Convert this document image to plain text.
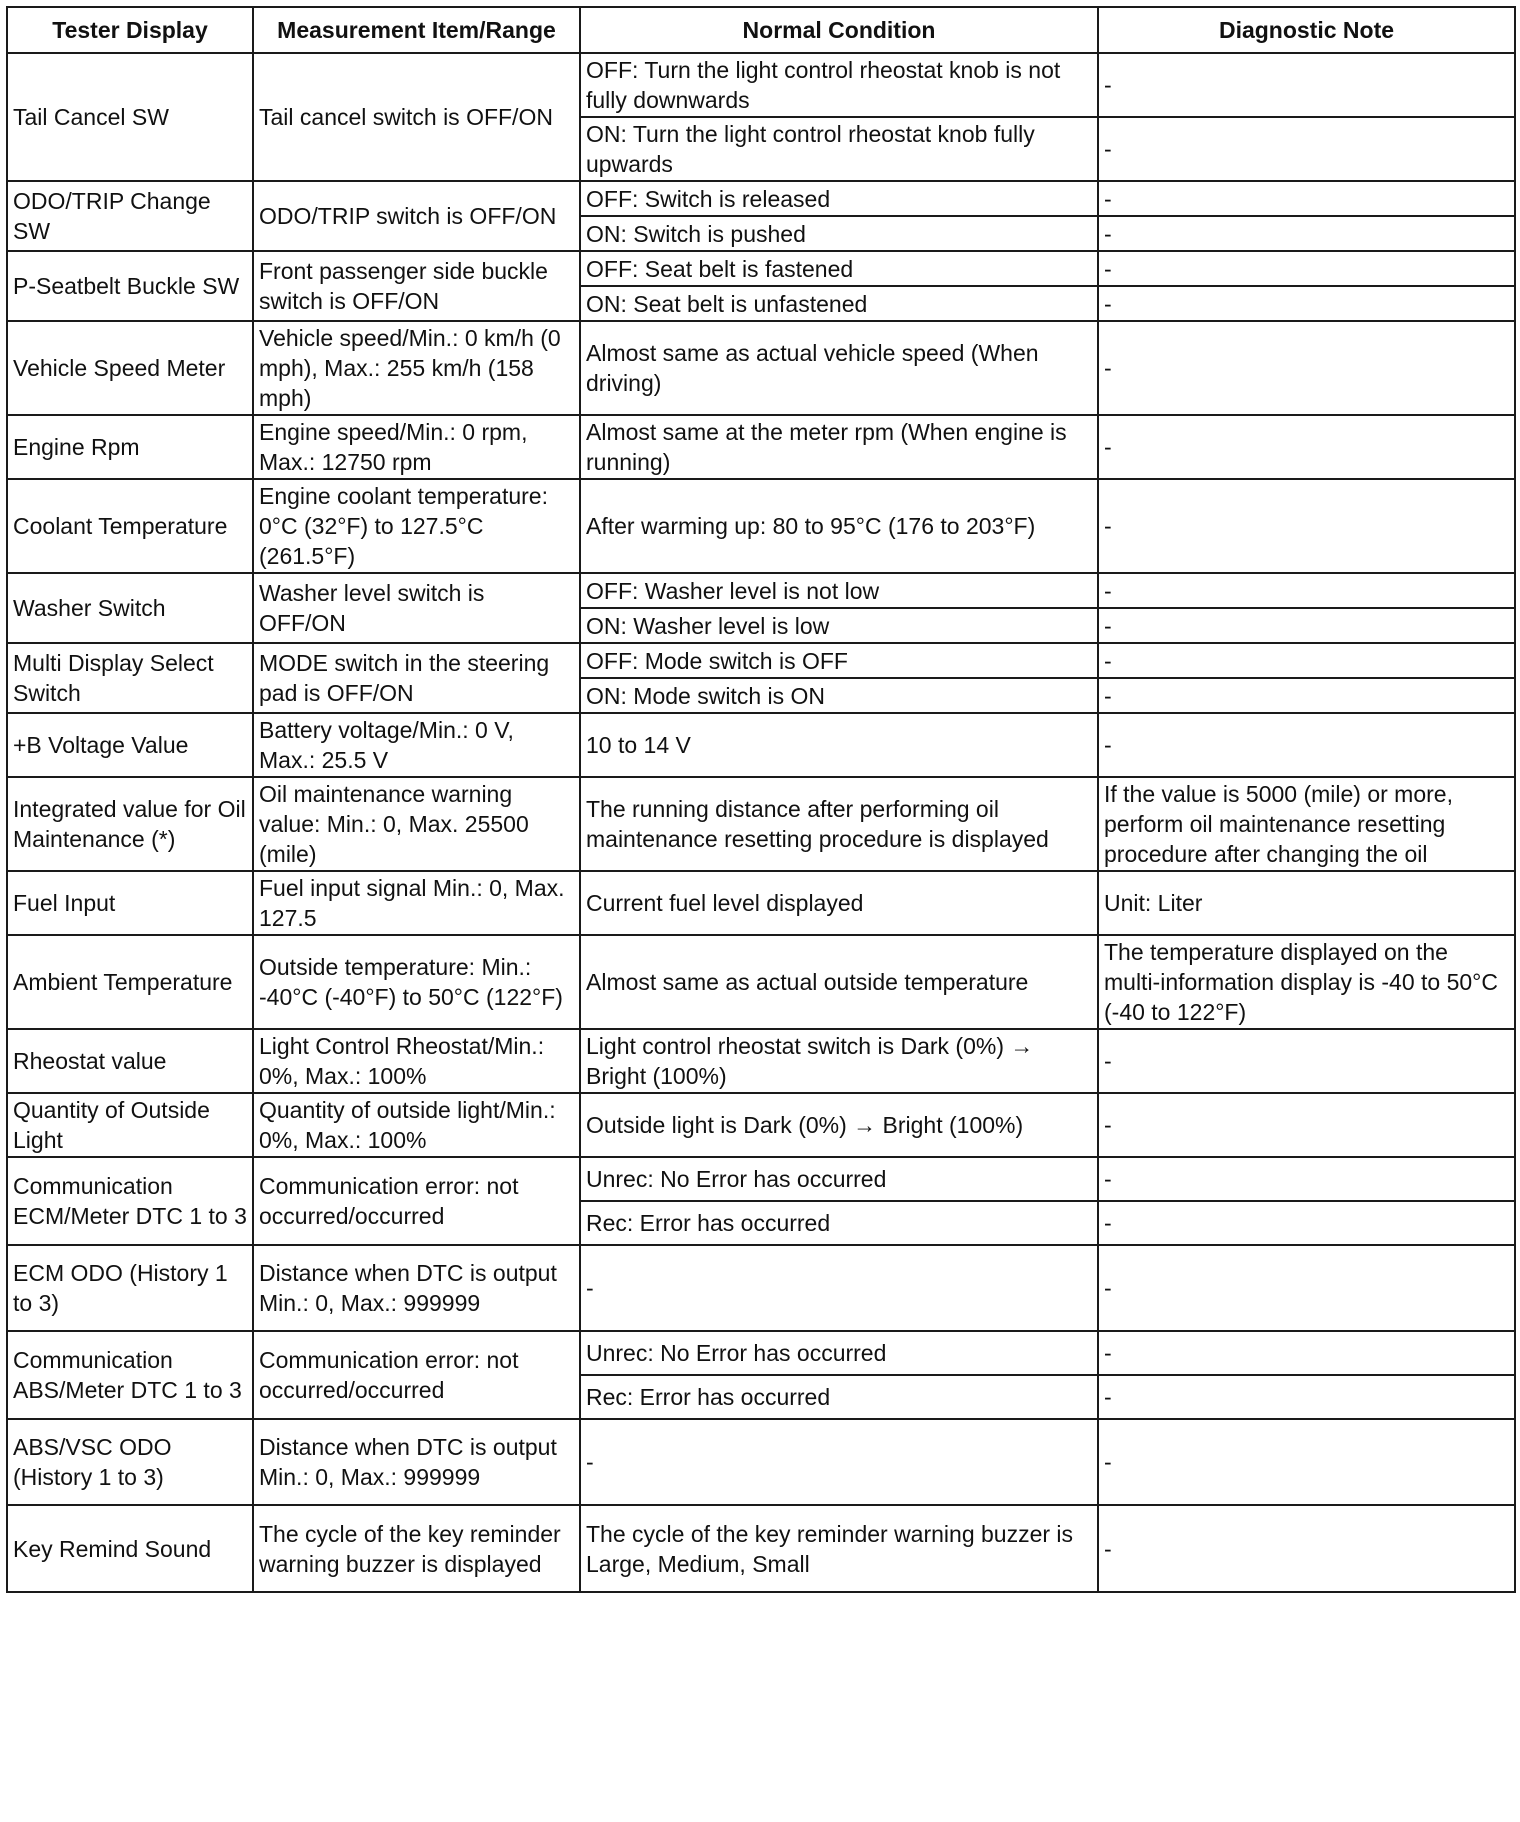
Tester Display	Measurement Item/Range	Normal Condition	Diagnostic Note
Tail Cancel SW	Tail cancel switch is OFF/ON	OFF: Turn the light control rheostat knob is not fully downwards	-
		ON: Turn the light control rheostat knob fully upwards	-
ODO/TRIP Change SW	ODO/TRIP switch is OFF/ON	OFF: Switch is released	-
		ON: Switch is pushed	-
P-Seatbelt Buckle SW	Front passenger side buckle switch is OFF/ON	OFF: Seat belt is fastened	-
		ON: Seat belt is unfastened	-
Vehicle Speed Meter	Vehicle speed/Min.: 0 km/h (0 mph), Max.: 255 km/h (158 mph)	Almost same as actual vehicle speed (When driving)	-
Engine Rpm	Engine speed/Min.: 0 rpm, Max.: 12750 rpm	Almost same at the meter rpm (When engine is running)	-
Coolant Temperature	Engine coolant temperature: 0°C (32°F) to 127.5°C (261.5°F)	After warming up: 80 to 95°C (176 to 203°F)	-
Washer Switch	Washer level switch is OFF/ON	OFF: Washer level is not low	-
		ON: Washer level is low	-
Multi Display Select Switch	MODE switch in the steering pad is OFF/ON	OFF: Mode switch is OFF	-
		ON: Mode switch is ON	-
+B Voltage Value	Battery voltage/Min.: 0 V, Max.: 25.5 V	10 to 14 V	-
Integrated value for Oil Maintenance (*)	Oil maintenance warning value: Min.: 0, Max. 25500 (mile)	The running distance after performing oil maintenance resetting procedure is displayed	If the value is 5000 (mile) or more, perform oil maintenance resetting procedure after changing the oil
Fuel Input	Fuel input signal Min.: 0, Max. 127.5	Current fuel level displayed	Unit: Liter
Ambient Temperature	Outside temperature: Min.: -40°C (-40°F) to 50°C (122°F)	Almost same as actual outside temperature	The temperature displayed on the multi-information display is -40 to 50°C (-40 to 122°F)
Rheostat value	Light Control Rheostat/Min.: 0%, Max.: 100%	Light control rheostat switch is Dark (0%) → Bright (100%)	-
Quantity of Outside Light	Quantity of outside light/Min.: 0%, Max.: 100%	Outside light is Dark (0%) → Bright (100%)	-
Communication ECM/Meter DTC 1 to 3	Communication error: not occurred/occurred	Unrec: No Error has occurred	-
		Rec: Error has occurred	-
ECM ODO (History 1 to 3)	Distance when DTC is output Min.: 0, Max.: 999999	-	-
Communication ABS/Meter DTC 1 to 3	Communication error: not occurred/occurred	Unrec: No Error has occurred	-
		Rec: Error has occurred	-
ABS/VSC ODO (History 1 to 3)	Distance when DTC is output Min.: 0, Max.: 999999	-	-
Key Remind Sound	The cycle of the key reminder warning buzzer is displayed	The cycle of the key reminder warning buzzer is Large, Medium, Small	-
